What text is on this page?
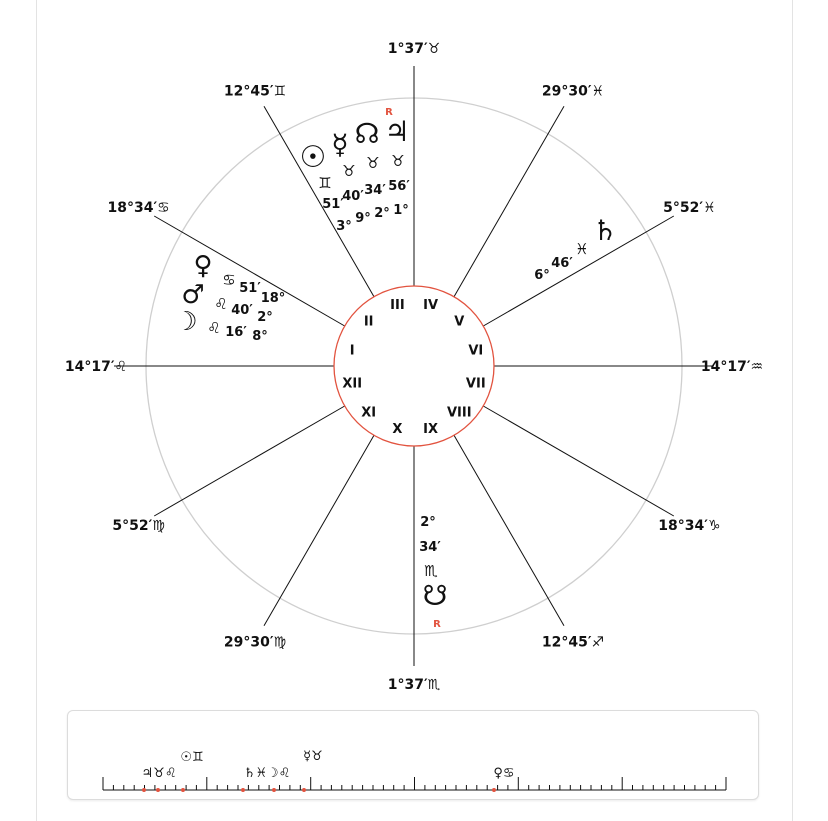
I
II
III IV
V
VI
VII
VIII
IX
X
XI
XII
14°17′♌
18°34′♋
12°45′♊
1°37′♉
29°30′♓
5°52′♓
14°17′♒
18°34′♑
12°45′♐
1°37′♏
29°30′♍
5°52′♍
R
☉ ☿ ☊ ♃
♊
♉ ♉ ♉
51′
40′ 34′ 56′
3°
9° 2° 1°
♀
♂
☽
♋
♌
♌
51′
40′
16′
18°
2°
8°
♄
♓
46′
6°
2°
34′
♏
☋
R
♃♉♌
☉♊
♄♓☽♌
☿♉
♀♋
